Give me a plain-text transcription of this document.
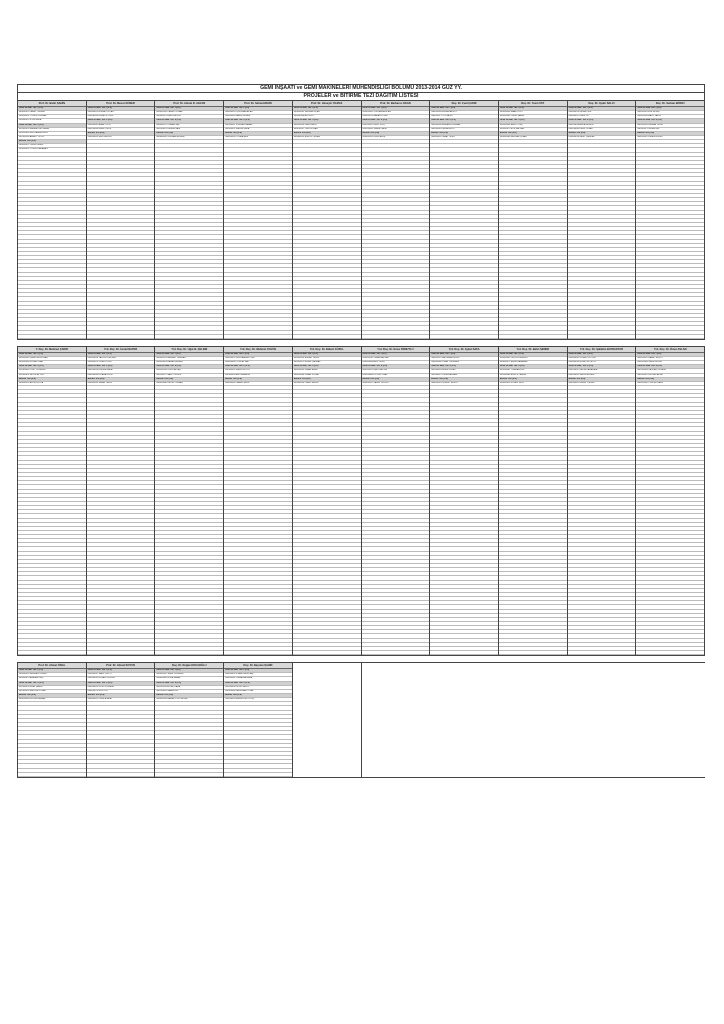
GEMİ İNŞAATI ve GEMİ MAKİNELERİ MÜHENDİSLİĞİ BÖLÜMÜ 2013-2014 GÜZ YY.
PROJELER ve BİTİRME TEZİ DAĞITIM LİSTESİ
Prof. Dr. Bahri ŞAHİN
Gemi ve Mak. Tas. I (2-0)
040090078 TAHİR TÜRKER
040090031 YUNUS DURMAZ
040080014 ILGIN KAYA
Gemi ve Mak. Tas. II (2-0)
040100024 MEHMET ALİ KARA
040090080 MUSTAFA ERGÜN
040100094 AHMET YILDIZ
Bitirme Tezi (0-4)
040090012 ONUR DEMİR
040090026 YUSUF KARABAĞ
Prof. Dr. Mesut GÜNER
Gemi ve Mak. Tas. I (2-0)
040090025 BURAK ÖZCAN
040100043 ESRA ÖZTÜRK
Gemi ve Mak. Tas. II (2-0)
040090041 AHMET KOÇ
040100063 EMRE ÇELİK
Bitirme Tezi (0-4)
040090059 SELİN AYDIN
Prof. Dr. Ahmet D. ALKAN
Gemi ve Mak. Tas. I (2-0)
040090104 CANER YILMAZ
040090027 EMİN YALÇIN
Gemi ve Mak. Tas. II (2-0)
040090017 ORHAN TAŞ
040100021 KEREM SARI
Bitirme Tezi (0-4)
040080045 GÖKHAN ERDEM
Prof. Dr. Selma ERGİN
Gemi ve Mak. Tas. I (2-0)
040090033 OĞUZHAN ACAR
040090069 BARIŞ GÜNEŞ
Gemi ve Mak. Tas. II (2-0)
040100011 FURKAN YAMAN
040100051 MERVE KAYA
Bitirme Tezi (0-4)
040090056 TUĞBA ŞEN
Prof. Dr. Hüseyin YILMAZ
Gemi ve Mak. Tas. I (2-0)
040090062 SERKAN UÇAR
040090038 ALİ KURT
Gemi ve Mak. Tas. II (2-0)
040100028 DENİZ AKIN
040100037 CEM DOĞAN
Bitirme Tezi (0-4)
040080023 BURCU ÖZKAN
Prof. Dr. Barbaros OKAN
Gemi ve Mak. Tas. I (2-0)
040090065 VOLKAN ARSLAN
040090073 HAKAN POLAT
Gemi ve Mak. Tas. II (2-0)
040100047 UMUT KILIÇ
040100082 SİNEM ÇAKIR
Bitirme Tezi (0-4)
040090015 İLKER ATEŞ
Doç. Dr. Fuat ÇAKIR
Gemi ve Mak. Tas. I (2-0)
040090044 ERKAN AKSOY
040090071 TOLGA ER
Gemi ve Mak. Tas. II (2-0)
040100058 EMRAH KORKMAZ
040100069 SEDA BULUT
Bitirme Tezi (0-4)
040090052 NİHAT ÖZER
Doç. Dr. Yasin ÜST
Gemi ve Mak. Tas. I (2-0)
040090036 KAAN YURT
040090083 ONUR ŞAHİN
Gemi ve Mak. Tas. II (2-0)
040100034 BERK TUNÇ
040100075 ECE KAPLAN
Bitirme Tezi (0-4)
040090048 SERDAR ÇINAR
Doç. Dr. Aydın SALCI
Gemi ve Mak. Tas. I (2-0)
040090019 MURAT GÜL
040090057 ENES ÖZ
Gemi ve Mak. Tas. II (2-0)
040100016 ARDA KESKİN
040100089 İREM TURAN
Bitirme Tezi (0-4)
040090010 MERT ÇAĞLAR
Doç. Dr. Serkan EKİNCİ
Gemi ve Mak. Tas. I (2-0)
040090091 EFE SEVİM
040090028 HALİL YAVUZ
Gemi ve Mak. Tas. II (2-0)
040100039 SERHAT DURU
040100071 GİZEM IŞIK
Bitirme Tezi (0-4)
040090067 RIZA BOZKURT
Y. Doç. Dr. Mehmet ÇAKIR
Gemi ve Mak. Tas. I (2-0)
040090049 ÇAĞRI ERDOĞAN
040090086 KORAY ÜNAL
Gemi ve Mak. Tas. II (2-0)
040100044 YİĞİT ÖZDEMİR
040100091 BETÜL ALTUN
Bitirme Tezi (0-4)
040090032 ALPER KOCA
Yrd. Doç. Dr. İsmail BAYER
Gemi ve Mak. Tas. I (2-0)
040090058 TAYFUN ÇELİKER
040090079 OZAN YÜCEL
Gemi ve Mak. Tas. II (2-0)
040100026 ERDEM KARA
040100064 DİLARA UZUN
Bitirme Tezi (0-4)
040090095 SİNAN TEKİN
Yrd. Doç. Dr. Uğur B. ÇELEBİ
Gemi ve Mak. Tas. I (2-0)
040090023 MEHMET CANDAN
040090063 HASAN ŞİMŞEK
Gemi ve Mak. Tas. II (2-0)
040100018 UĞUR AKTAŞ
040100077 NAZLI ÖZGÜR
Bitirme Tezi (0-4)
040090046 RECEP ORHAN
Yrd. Doç. Dr. Mehmet AYGÜN
Gemi ve Mak. Tas. I (2-0)
040090021 MUSTAFA ERTÜRK
040090088 TUNCAY BAL
Gemi ve Mak. Tas. II (2-0)
040100031 KADİR SOYLU
040100085 ASLI KARACA
Bitirme Tezi (0-4)
040090039 TAMER EKER
Yrd. Doç. Dr. Bülent GÜZEL
Gemi ve Mak. Tas. I (2-0)
040090054 BURAK TEZER
040090075 ERSİN ÇAKMAK
Gemi ve Mak. Tas. II (2-0)
040100053 İSMAİL AYAN
040100098 PINAR KOÇAK
Bitirme Tezi (0-4)
040090018 ÖMER SEZER
Yrd. Doç. Dr. Emre ÖZMUTLU
Gemi ve Mak. Tas. I (2-0)
040090035 CİHAN BAYRAK
040090066 ARİF ÖZEN
Gemi ve Mak. Tas. II (2-0)
040100022 EMİR SAYGIN
040100066 DUYGU ÖNAL
Bitirme Tezi (0-4)
040090097 ZAFER ULUSOY
Yrd. Doç. Dr. Aykut SAFA
Gemi ve Mak. Tas. I (2-0)
040090051 BATUHAN ERGÜL
040090084 OKAN TÜRKMEN
Gemi ve Mak. Tas. II (2-0)
040100033 EREN ÖZBEK
040100079 CEREN AYHAN
Bitirme Tezi (0-4)
040090029 LEVENT ERSOY
Yrd. Doç. Dr. Bahri ŞENER
Gemi ve Mak. Tas. I (2-0)
040090043 ORÇUN DEMİRCİ
040090072 EMRE BAŞARAN
Gemi ve Mak. Tas. II (2-0)
040100041 TUNA AKGÜN
040100083 BURCU TAŞKIN
Bitirme Tezi (0-4)
040090014 SONER İNCE
Yrd. Doç. Dr. Şafaktin BAYRAKTAR
Gemi ve Mak. Tas. I (2-0)
040090061 GÖKAY ÖZTÜRK
040090093 HÜSEYİN ÇETİN
Gemi ve Mak. Tas. II (2-0)
040100057 MELİH KARAKAYA
040100092 SELEN ERDEN
Bitirme Tezi (0-4)
040090047 ENGİN YÜKSEL
Yrd. Doç. Dr. Ömer ASLAN
Gemi ve Mak. Tas. I (2-0)
040090022 SAMET BULUT
040090068 YASİN GÜLER
Gemi ve Mak. Tas. II (2-0)
040100048 ÇAĞLAR ÖZKAYA
040100087 ZEYNEP ALTAY
Bitirme Tezi (0-4)
040090085 TUNCER KAYA
Prof. Dr. Ahmet ÖNAL
Gemi ve Mak. Tas. I (2-0)
040090024 SERKAN ÖZGEN
040090074 ATAKAN DİNÇ
Gemi ve Mak. Tas. II (2-0)
040100059 ERAY ŞAHİN
040100095 MELTEM UYSAL
Bitirme Tezi (0-4)
040090064 VEYSEL AKBAŞ
Prof. Dr. Ahmet KOYUN
Gemi ve Mak. Tas. I (2-0)
040090037 SARP ÇİFTÇİ
040090092 ERTAN ÖZÇELİK
Gemi ve Mak. Tas. II (2-0)
040100025 GÖKTUĞ KAYA
040100073 ELİF KOÇ
Bitirme Tezi (0-4)
040090011 CENK ATALAY
Doç. Dr. Doğan KOCAOĞLU
Gemi ve Mak. Tas. I (2-0)
040090055 TARIK ÖZDEMİR
040090089 BORA SAVAŞ
Gemi ve Mak. Tas. II (2-0)
040100019 AYTAÇ KARA
040100081 GAMZE ER
Bitirme Tezi (0-4)
040090034 HAKAN YURTSEVER
Doç. Dr. Bayram ŞAHİN
Gemi ve Mak. Tas. I (2-0)
040090042 İLHAN DEMİRTAŞ
040090081 OSMAN AKKAYA
Gemi ve Mak. Tas. II (2-0)
040100036 UFUK YAZICI
040100068 NESLİHAN TOPAL
Bitirme Tezi (0-4)
040090053 EMRE KURTULUŞ
